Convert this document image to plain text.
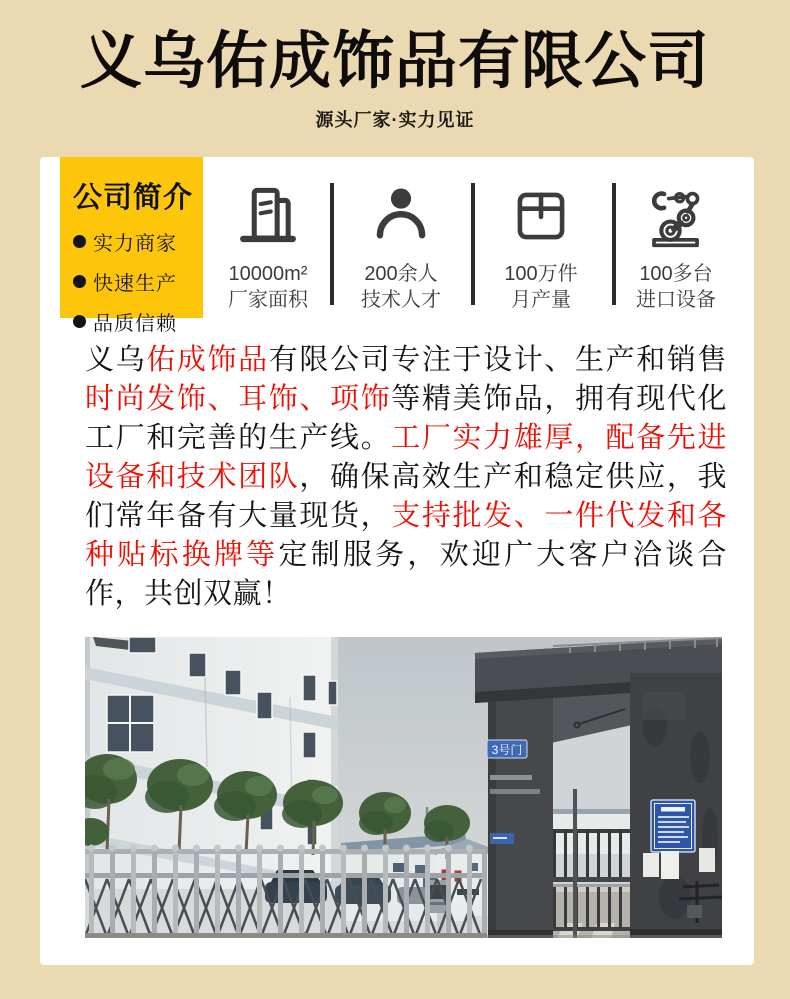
义乌佑成饰品有限公司
源头厂家·实力见证
公司简介
实力商家
快速生产
品质信赖
10000m²
厂家面积
200余人
技术人才
100万件
月产量
100多台
进口设备
义乌佑成饰品有限公司专注于设计、生产和销售时尚发饰、耳饰、项饰等精美饰品，拥有现代化工厂和完善的生产线。工厂实力雄厚，配备先进设备和技术团队，确保高效生产和稳定供应，我们常年备有大量现货，支持批发、一件代发和各种贴标换牌等定制服务，欢迎广大客户洽谈合作，共创双赢！
3号门
